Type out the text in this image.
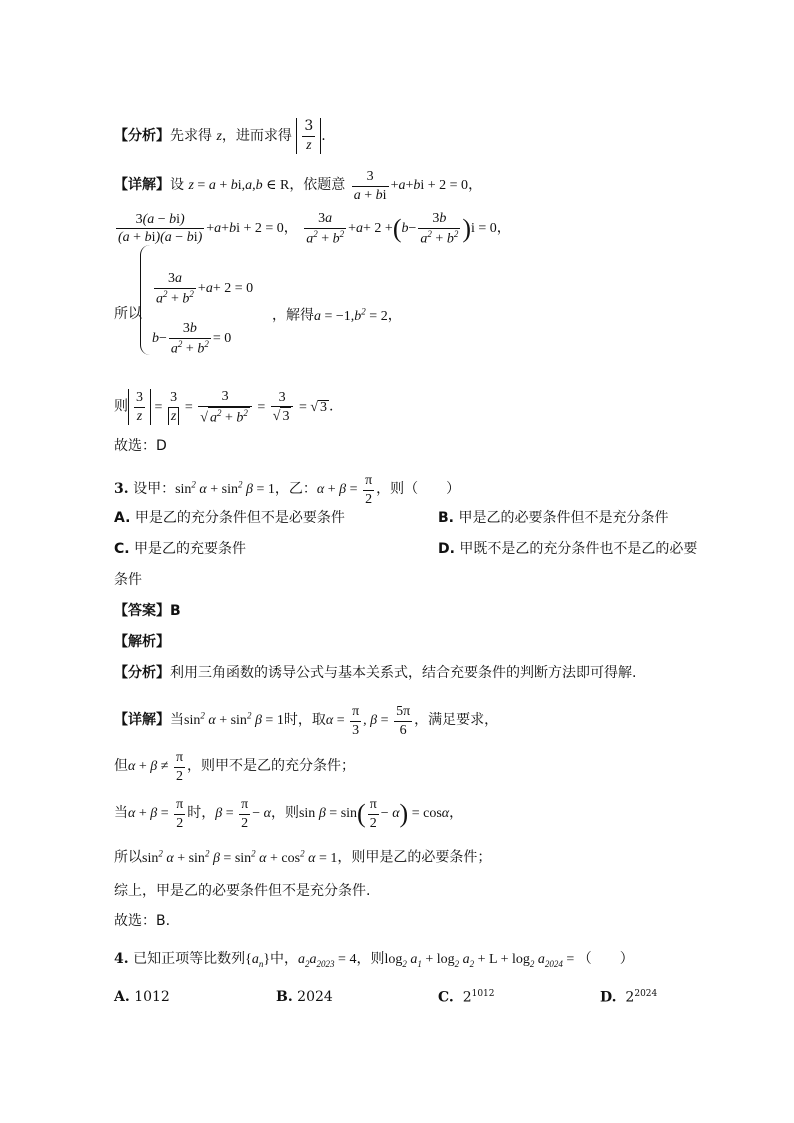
【分析】先求得 z，进而求得 $\frac{3}{z}$ .
【详解】设 z = a + bi,a,b ∈ R，依题意 $\frac{3}{a + bi} +a+bi + 2 = 0$，
$\frac{3(a - bi)}{(a + bi)(a - bi)} +a+bi + 2 = 0$， $\frac{3a}{a^2 + b^2} +a+ 2 +(b- \frac{3b}{a^2 + b^2} )i = 0$，
所以
$\frac{3a}{a^2 + b^2} +a+ 2 = 0$
$b- \frac{3b}{a^2 + b^2} = 0$
，解得$a = -1,b^2 = 2$，
则 $\frac{3}{z} = \frac{3}{z} = \frac{3}{√ a^2 + b^2} = \frac{3}{√ 3}$ = √ 3 .
故选：D
3. 设甲：$\sin^2 \alpha + \sin^2 \beta = 1$，乙：$\alpha + \beta = \frac{\pi}{2}$ ，则（　　）
A. 甲是乙的充分条件但不是必要条件	B. 甲是乙的必要条件但不是充分条件
C. 甲是乙的充要条件	D. 甲既不是乙的充分条件也不是乙的必要
条件
【答案】B
【解析】
【分析】利用三角函数的诱导公式与基本关系式，结合充要条件的判断方法即可得解.
【详解】当$\sin^2 \alpha + \sin^2 \beta = 1$时，取$\alpha = \frac{\pi}{3}$ , $\beta = \frac{5\pi}{6}$ ，满足要求，
但$\alpha + \beta \ne \frac{\pi}{2}$ ，则甲不是乙的充分条件；
当$\alpha + \beta = \frac{\pi}{2}$ 时，$\beta = \frac{\pi}{2} - \alpha$，则$\sin \beta = \sin( \frac{\pi}{2} - \alpha) = \cos\alpha$，
所以$\sin^2 \alpha + \sin^2 \beta = \sin^2 \alpha + \cos^2 \alpha = 1$，则甲是乙的必要条件；
综上，甲是乙的必要条件但不是充分条件.
故选：B.
4. 已知正项等比数列$\{a_n\}$中，$a_2a_{2023} = 4$，则$\log_2 a_1 + \log_2 a_2 + L + \log_2 a_{2024}$ = （　　）
A. 1012	B. 2024	C. $2^{1012}$	D. $2^{2024}$
